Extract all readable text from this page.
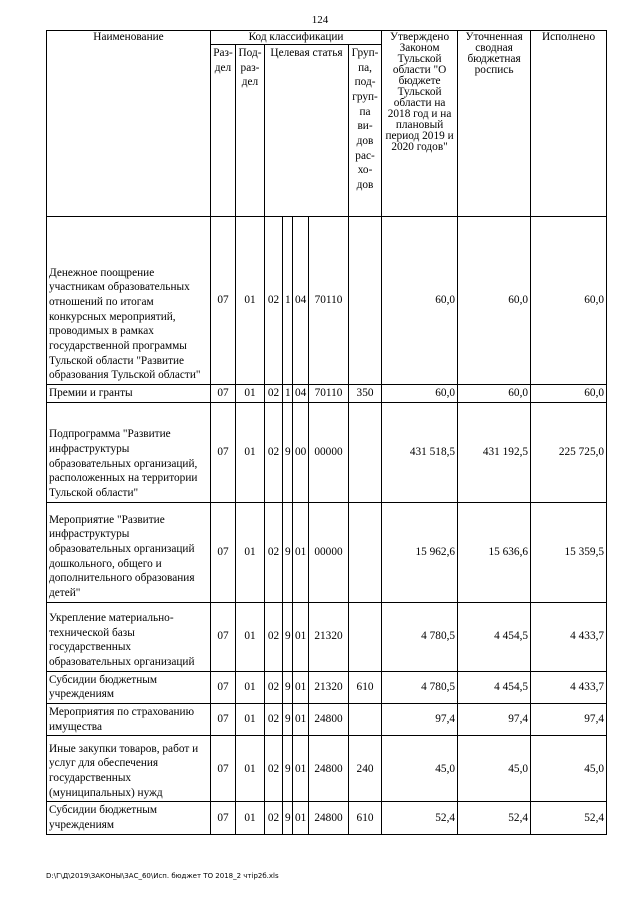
124
Наименование	Код классификации							Утверждено Законом Тульской области "О бюджете Тульской области на 2018 год и на плановый период 2019 и 2020 годов"	Уточненная сводная бюджетная роспись	Исполнено
	Раз-дел	Под-раз-дел	Целевая статья				Груп-па, под-груп-па ви-дов рас-хо-дов			
Денежное поощрение участникам образовательных отношений по итогам конкурсных мероприятий, проводимых в рамках государственной программы Тульской области "Развитие образования Тульской области"	07	01	02	1	04	70110		60,0	60,0	60,0
Премии и гранты	07	01	02	1	04	70110	350	60,0	60,0	60,0
Подпрограмма "Развитие инфраструктуры образовательных организаций, расположенных на территории Тульской области"	07	01	02	9	00	00000		431 518,5	431 192,5	225 725,0
Мероприятие "Развитие инфраструктуры образовательных организаций дошкольного, общего и дополнительного образования детей"	07	01	02	9	01	00000		15 962,6	15 636,6	15 359,5
Укрепление материально-технической базы государственных образовательных организаций	07	01	02	9	01	21320		4 780,5	4 454,5	4 433,7
Субсидии бюджетным учреждениям	07	01	02	9	01	21320	610	4 780,5	4 454,5	4 433,7
Мероприятия по страхованию имущества	07	01	02	9	01	24800		97,4	97,4	97,4
Иные закупки товаров, работ и услуг для обеспечения государственных (муниципальных) нужд	07	01	02	9	01	24800	240	45,0	45,0	45,0
Субсидии бюджетным учреждениям	07	01	02	9	01	24800	610	52,4	52,4	52,4
D:\Г\Д\2019\ЗАКОНЫ\ЗАС_60\Исп. бюджет ТО 2018_2 чтір2б.xls
